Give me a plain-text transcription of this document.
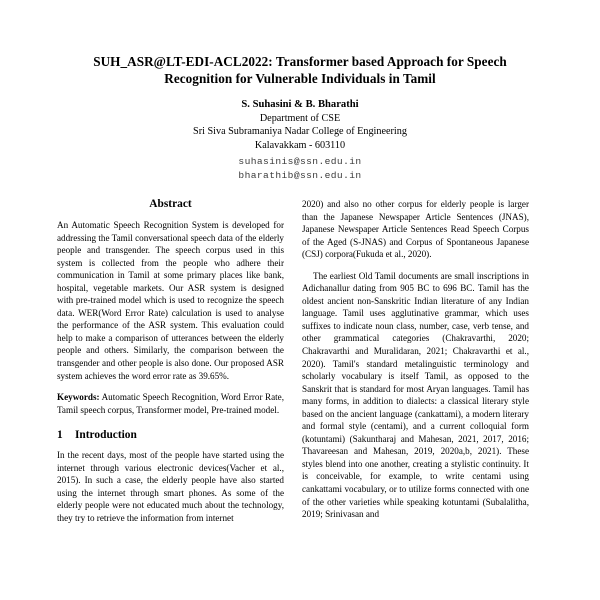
SUH_ASR@LT-EDI-ACL2022: Transformer based Approach for Speech
Recognition for Vulnerable Individuals in Tamil
S. Suhasini & B. Bharathi
Department of CSE
Sri Siva Subramaniya Nadar College of Engineering
Kalavakkam - 603110
suhasinis@ssn.edu.in
bharathib@ssn.edu.in
Abstract

An Automatic Speech Recognition System is developed for addressing the Tamil conversational speech data of the elderly people and transgender. The speech corpus used in this system is collected from the people who adhere their communication in Tamil at some primary places like bank, hospital, vegetable markets. Our ASR system is designed with pre-trained model which is used to recognize the speech data. WER(Word Error Rate) calculation is used to analyse the performance of the ASR system. This evaluation could help to make a comparison of utterances between the elderly people and others. Similarly, the comparison between the transgender and other people is also done. Our proposed ASR system achieves the word error rate as 39.65%.

Keywords: Automatic Speech Recognition, Word Error Rate, Tamil speech corpus, Transformer model, Pre-trained model.

1 Introduction

In the recent days, most of the people have started using the internet through various electronic devices(Vacher et al., 2015). In such a case, the elderly people have also started using the internet through smart phones. As some of the elderly people were not educated much about the technology, they try to retrieve the information from internet

2020) and also no other corpus for elderly people is larger than the Japanese Newspaper Article Sentences (JNAS), Japanese Newspaper Article Sentences Read Speech Corpus of the Aged (S-JNAS) and Corpus of Spontaneous Japanese (CSJ) corpora(Fukuda et al., 2020).

The earliest Old Tamil documents are small inscriptions in Adichanallur dating from 905 BC to 696 BC. Tamil has the oldest ancient non-Sanskritic Indian literature of any Indian language. Tamil uses agglutinative grammar, which uses suffixes to indicate noun class, number, case, verb tense, and other grammatical categories (Chakravarthi, 2020; Chakravarthi and Muralidaran, 2021; Chakravarthi et al., 2020). Tamil's standard metalinguistic terminology and scholarly vocabulary is itself Tamil, as opposed to the Sanskrit that is standard for most Aryan languages. Tamil has many forms, in addition to dialects: a classical literary style based on the ancient language (cankattami), a modern literary and formal style (centami), and a current colloquial form (kotuntami) (Sakuntharaj and Mahesan, 2021, 2017, 2016; Thavareesan and Mahesan, 2019, 2020a,b, 2021). These styles blend into one another, creating a stylistic continuity. It is conceivable, for example, to write centami using cankattami vocabulary, or to utilize forms connected with one of the other varieties while speaking kotuntami (Subalalitha, 2019; Srinivasan and
